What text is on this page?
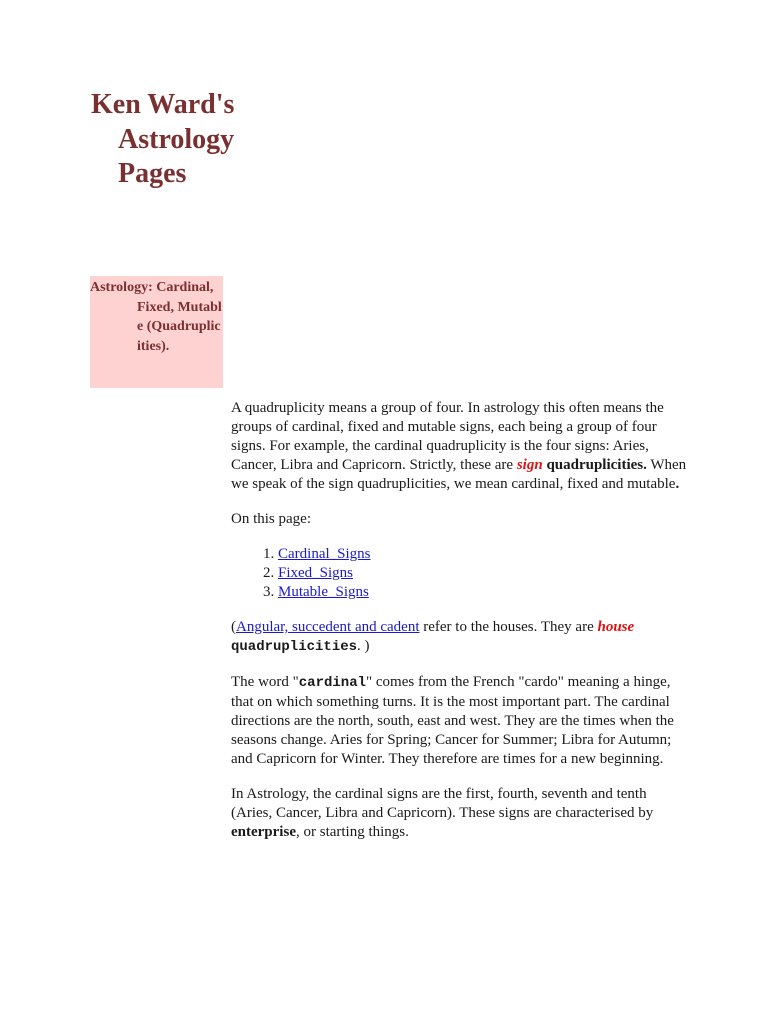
Ken Ward's Astrology Pages

Astrology: Cardinal, Fixed, Mutable (Quadruplicities).

A quadruplicity means a group of four. In astrology this often means the groups of cardinal, fixed and mutable signs, each being a group of four signs. For example, the cardinal quadruplicity is the four signs: Aries, Cancer, Libra and Capricorn. Strictly, these are sign quadruplicities. When we speak of the sign quadruplicities, we mean cardinal, fixed and mutable.

On this page:

1. Cardinal_Signs
2. Fixed_Signs
3. Mutable_Signs

(Angular, succedent and cadent refer to the houses. They are house quadruplicities. )

The word "cardinal" comes from the French "cardo" meaning a hinge, that on which something turns. It is the most important part. The cardinal directions are the north, south, east and west. They are the times when the seasons change. Aries for Spring; Cancer for Summer; Libra for Autumn; and Capricorn for Winter. They therefore are times for a new beginning.

In Astrology, the cardinal signs are the first, fourth, seventh and tenth (Aries, Cancer, Libra and Capricorn). These signs are characterised by enterprise, or starting things.
